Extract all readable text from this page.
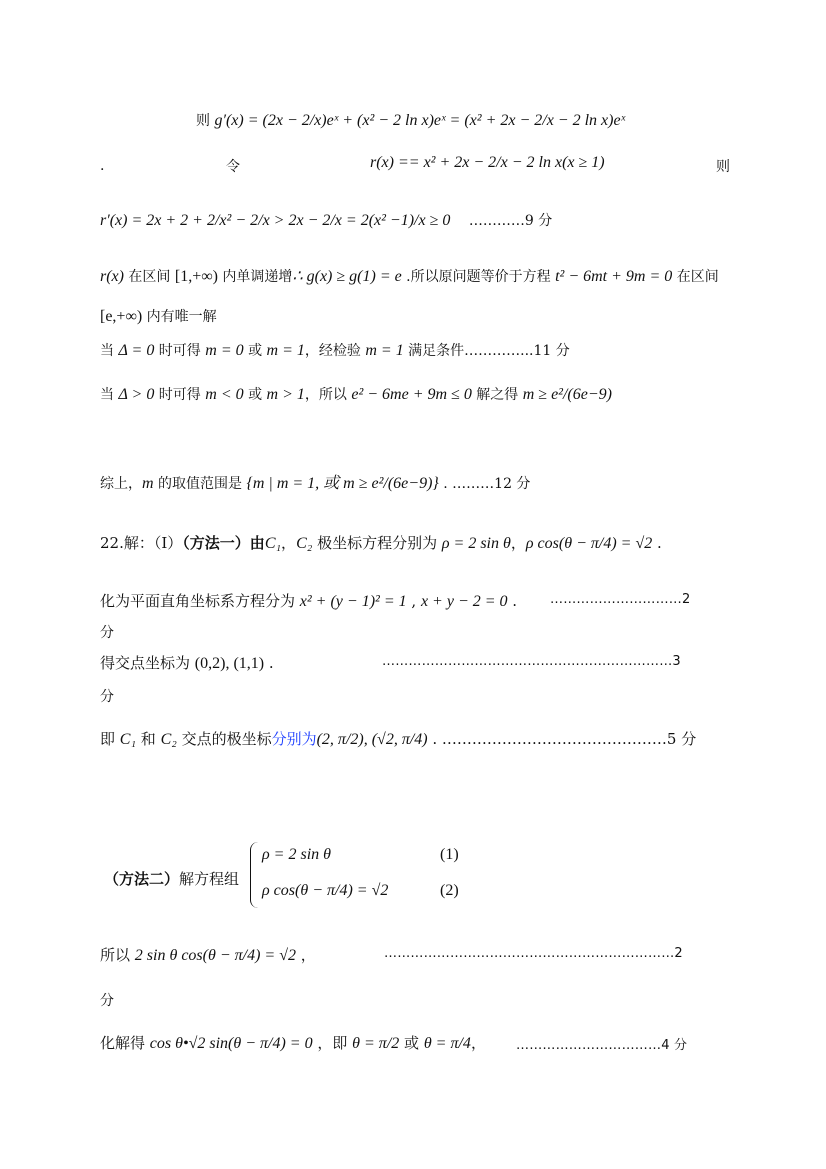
则 g′(x) = (2x − 2/x)eˣ + (x² − 2 ln x)eˣ = (x² + 2x − 2/x − 2 ln x)eˣ
.	令	r(x) == x² + 2x − 2/x − 2 ln x(x ≥ 1)	则
r′(x) = 2x + 2 + 2/x² − 2/x > 2x − 2/x = 2(x² −1)/x ≥ 0 …………9 分
r(x) 在区间 [1,+∞) 内单调递增∴ g(x) ≥ g(1) = e .所以原问题等价于方程 t² − 6mt + 9m = 0 在区间
[e,+∞) 内有唯一解
当 Δ = 0 时可得 m = 0 或 m = 1，经检验 m = 1 满足条件…………...11 分
当 Δ > 0 时可得 m < 0 或 m > 1，所以 e² − 6me + 9m ≤ 0 解之得 m ≥ e²/(6e−9)
综上，m 的取值范围是 {m | m = 1, 或 m ≥ e²/(6e−9)} . ………12 分
22.解：（Ⅰ）（方法一）由C₁，C₂ 极坐标方程分别为 ρ = 2 sin θ，ρ cos(θ − π/4) = √2 .
化为平面直角坐标系方程分为 x² + (y − 1)² = 1 , x + y − 2 = 0 .	…………………………2
分
得交点坐标为 (0,2), (1,1) .	…………………………………………………………3
分
即 C₁ 和 C₂ 交点的极坐标分别为(2, π/2), (√2, π/4) . ………………………………………5 分
（方法二）解方程组
ρ = 2 sin θ	(1)
ρ cos(θ − π/4) = √2	(2)
所以 2 sin θ cos(θ − π/4) = √2 ，	…………………………………………………………2
分
化解得 cos θ•√2 sin(θ − π/4) = 0 ，即 θ = π/2 或 θ = π/4， ……………………………4 分
